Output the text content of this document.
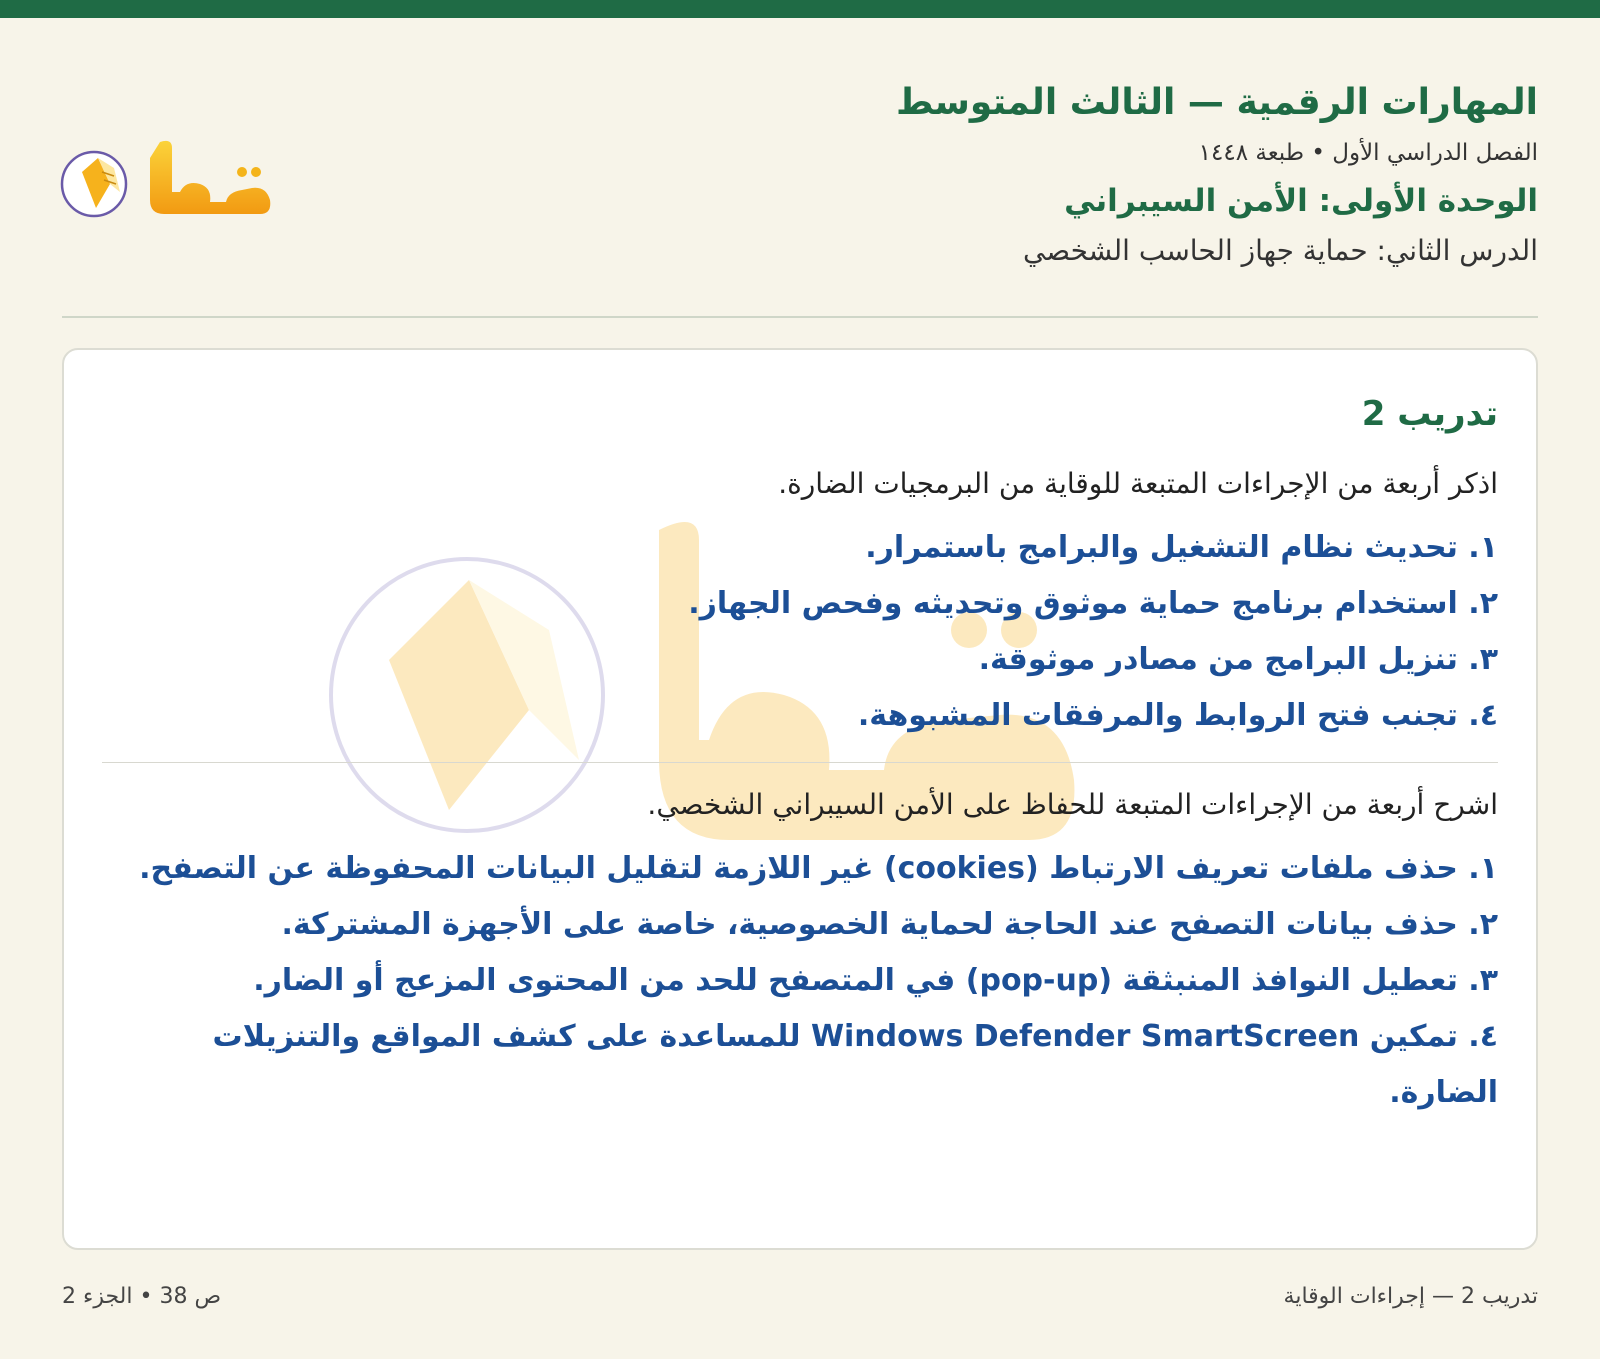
المهارات الرقمية — الثالث المتوسط
الفصل الدراسي الأول • طبعة ١٤٤٨
الوحدة الأولى: الأمن السيبراني
الدرس الثاني: حماية جهاز الحاسب الشخصي
تدريب 2
اذكر أربعة من الإجراءات المتبعة للوقاية من البرمجيات الضارة.
١. تحديث نظام التشغيل والبرامج باستمرار.
٢. استخدام برنامج حماية موثوق وتحديثه وفحص الجهاز.
٣. تنزيل البرامج من مصادر موثوقة.
٤. تجنب فتح الروابط والمرفقات المشبوهة.
اشرح أربعة من الإجراءات المتبعة للحفاظ على الأمن السيبراني الشخصي.
١. حذف ملفات تعريف الارتباط (cookies) غير اللازمة لتقليل البيانات المحفوظة عن التصفح.
٢. حذف بيانات التصفح عند الحاجة لحماية الخصوصية، خاصة على الأجهزة المشتركة.
٣. تعطيل النوافذ المنبثقة (pop-up) في المتصفح للحد من المحتوى المزعج أو الضار.
٤. تمكين Windows Defender SmartScreen للمساعدة على كشف المواقع والتنزيلات الضارة.
تدريب 2 — إجراءات الوقاية
ص 38 • الجزء 2
